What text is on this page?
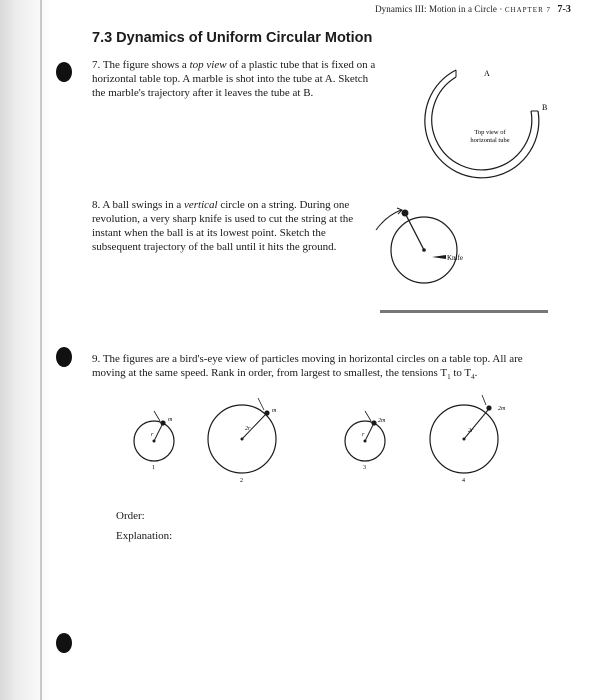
Dynamics III: Motion in a Circle · CHAPTER 7 7-3
7.3 Dynamics of Uniform Circular Motion
7. The figure shows a top view of a plastic tube that is fixed on a horizontal table top. A marble is shot into the tube at A. Sketch the marble's trajectory after it leaves the tube at B.
A
B
Top view of
horizontal tube
8. A ball swings in a vertical circle on a string. During one revolution, a very sharp knife is used to cut the string at the instant when the ball is at its lowest point. Sketch the subsequent trajectory of the ball until it hits the ground.
Knife
9. The figures are a bird's-eye view of particles moving in horizontal circles on a table top. All are moving at the same speed. Rank in order, from largest to smallest, the tensions $T_1$ to $T_4$.
m
r
1
m
2r
2
2m
r
3
2m
2r
4
Order:
Explanation:
